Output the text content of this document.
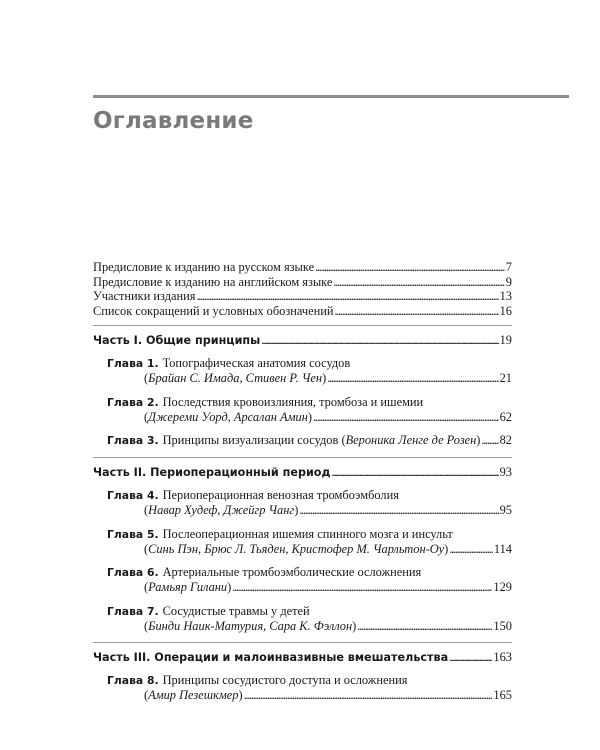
Оглавление
Предисловие к изданию на русском языке . . .	7
Предисловие к изданию на английском языке . . .	9
Участники издания . . .	13
Список сокращений и условных обозначений . . .	16
Часть I. Общие принципы . . .	19
Глава 1. Топографическая анатомия сосудов
(Брайан С. Имада, Стивен Р. Чен) . . .	21
Глава 2. Последствия кровоизлияния, тромбоза и ишемии
(Джереми Уорд, Арсалан Амин) . . .	62
Глава 3. Принципы визуализации сосудов (Вероника Ленге де Розен) . . . 82
Часть II. Периоперационный период . . .	93
Глава 4. Периоперационная венозная тромбоэмболия
(Навар Худеф, Джейгр Чанг) . . .	95
Глава 5. Послеоперационная ишемия спинного мозга и инсульт
(Синь Пэн, Брюс Л. Тьяден, Кристофер М. Чарльтон-Оу) . . .	114
Глава 6. Артериальные тромбоэмболические осложнения
(Рамьяр Гилани) . . .	129
Глава 7. Сосудистые травмы у детей
(Бинди Наик-Матурия, Сара К. Фэллон) . . .	150
Часть III. Операции и малоинвазивные вмешательства . . .	163
Глава 8. Принципы сосудистого доступа и осложнения
(Амир Пезешкмер) . . .	165
